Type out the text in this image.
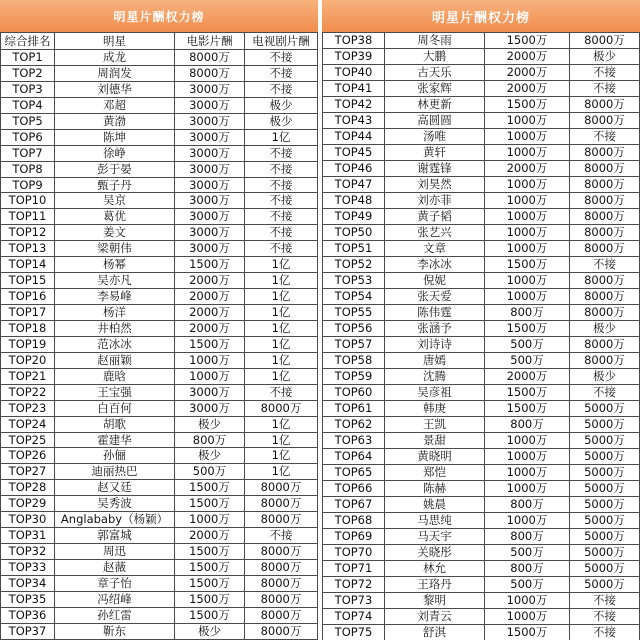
明星片酬权力榜
综合排名	明星	电影片酬	电视剧片酬
TOP1	成龙	8000万	不接
TOP2	周润发	8000万	不接
TOP3	刘德华	3000万	不接
TOP4	邓超	3000万	极少
TOP5	黄渤	3000万	极少
TOP6	陈坤	3000万	1亿
TOP7	徐峥	3000万	不接
TOP8	彭于晏	3000万	不接
TOP9	甄子丹	3000万	不接
TOP10	吴京	3000万	不接
TOP11	葛优	3000万	不接
TOP12	姜文	3000万	不接
TOP13	梁朝伟	3000万	不接
TOP14	杨幂	1500万	1亿
TOP15	吴亦凡	2000万	1亿
TOP16	李易峰	2000万	1亿
TOP17	杨洋	2000万	1亿
TOP18	井柏然	2000万	1亿
TOP19	范冰冰	1500万	1亿
TOP20	赵丽颖	1000万	1亿
TOP21	鹿晗	1000万	1亿
TOP22	王宝强	3000万	不接
TOP23	白百何	3000万	8000万
TOP24	胡歌	极少	1亿
TOP25	霍建华	800万	1亿
TOP26	孙俪	极少	1亿
TOP27	迪丽热巴	500万	1亿
TOP28	赵又廷	1500万	8000万
TOP29	吴秀波	1500万	8000万
TOP30	Anglababy（杨颖）	1000万	8000万
TOP31	郭富城	2000万	不接
TOP32	周迅	1500万	8000万
TOP33	赵薇	1500万	8000万
TOP34	章子怡	1500万	8000万
TOP35	冯绍峰	1500万	8000万
TOP36	孙红雷	1500万	8000万
TOP37	靳东	极少	8000万
明星片酬权力榜
TOP38	周冬雨	1500万	8000万
TOP39	大鹏	2000万	极少
TOP40	古天乐	2000万	不接
TOP41	张家辉	2000万	不接
TOP42	林更新	1500万	8000万
TOP43	高圆圆	1000万	8000万
TOP44	汤唯	1000万	不接
TOP45	黄轩	1000万	8000万
TOP46	谢霆锋	2000万	8000万
TOP47	刘昊然	1000万	8000万
TOP48	刘亦菲	1000万	8000万
TOP49	黄子韬	1000万	8000万
TOP50	张艺兴	1000万	8000万
TOP51	文章	1000万	8000万
TOP52	李冰冰	1500万	不接
TOP53	倪妮	1000万	8000万
TOP54	张天爱	1000万	8000万
TOP55	陈伟霆	800万	8000万
TOP56	张涵予	1500万	极少
TOP57	刘诗诗	500万	8000万
TOP58	唐嫣	500万	8000万
TOP59	沈腾	2000万	极少
TOP60	吴彦祖	1500万	不接
TOP61	韩庚	1500万	5000万
TOP62	王凯	800万	5000万
TOP63	景甜	1000万	5000万
TOP64	黄晓明	1000万	5000万
TOP65	郑恺	1000万	5000万
TOP66	陈赫	1000万	5000万
TOP67	姚晨	800万	5000万
TOP68	马思纯	1000万	5000万
TOP69	马天宇	800万	5000万
TOP70	关晓彤	500万	5000万
TOP71	林允	800万	5000万
TOP72	王珞丹	500万	5000万
TOP73	黎明	1000万	不接
TOP74	刘青云	1000万	不接
TOP75	舒淇	1500万	不接
